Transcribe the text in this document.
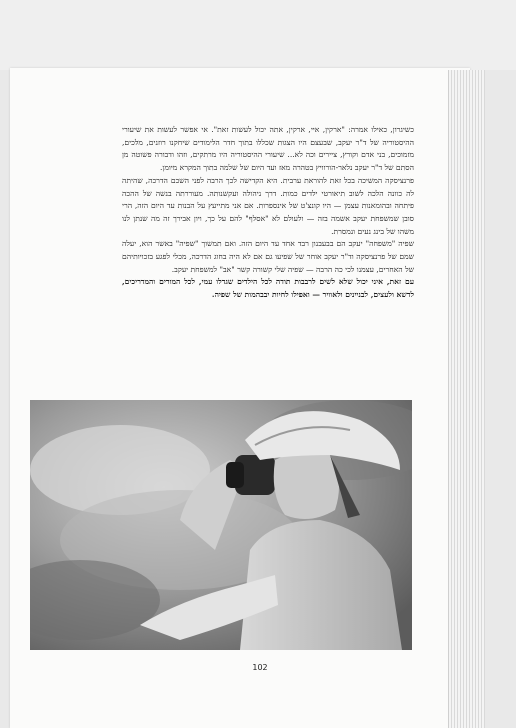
כשיגרון, כאילו אמרה: "ארקין, איי, ארקין, אתה יכול לעשות זאת". אי אפשר לעשות את שיעורי ההיסטוריה של ד"ר יעקב, שבעצם היו הצגות שכללו בתוך חדר הלימודים שיחקנו רוזנים, מלכים, מזמוכים, בני אדם וקורץ, ציירים וכה לא... שיעורי ההיסטוריה היו מרתקים, וזהו ודבורה פשוטה מן הסתם של ד"ר יעקב נלאר-הורוויץ בטהרה מאז ועד היום של שלמה בתוך המקרא מיומן.

פרנציסקה המשיכה בכל זאת להוראת ערבית. היא הקדישה לכך הרבה לפני השכם הדרכה, שהיתה לה כוונה הלכה לשוב תיאורטי ילדים כמות. דרך ניהולה ועקשנותה. מעוררתה בנשה של ההכה פיתחה ובהומאנות עצמן — היו קונצ'ט של אינספרות. אם אני מתייעץ על הבנות עד היום הזה, הרי סובן שמשפחת יעקב אשמה בזה — ולעולם לא "אסלף" להם על כך, ויון אבירך זה מה שנתן לנו משהו של בינג נעים ונמסרת.

שפיה "משפחה" יעקב הם בבעבנון רבד אחד עד היום הזה. ואם תמשוך "שפיה" באשר הוא, יעלה שמם של פרנציסקה וד"ר יעקב אוחר של שפיעו גם אם לא היה בחוג הדרכה, מכלי לפגע בזכויותיהם של האחרים, עצמנו לכי כה הרבה — שפיה שלי קשורה קשר "אב" למשפחת יעקב.

עם זאת, איני יכול שלא לשים לרבבות תודה לכל הילדים שגדלו עמי, לכל המורים והמדריכים, לדשא ולעצים, לבניינים ולאוויר — ואפילו לחיות יבבהמות של שפיה.

102
